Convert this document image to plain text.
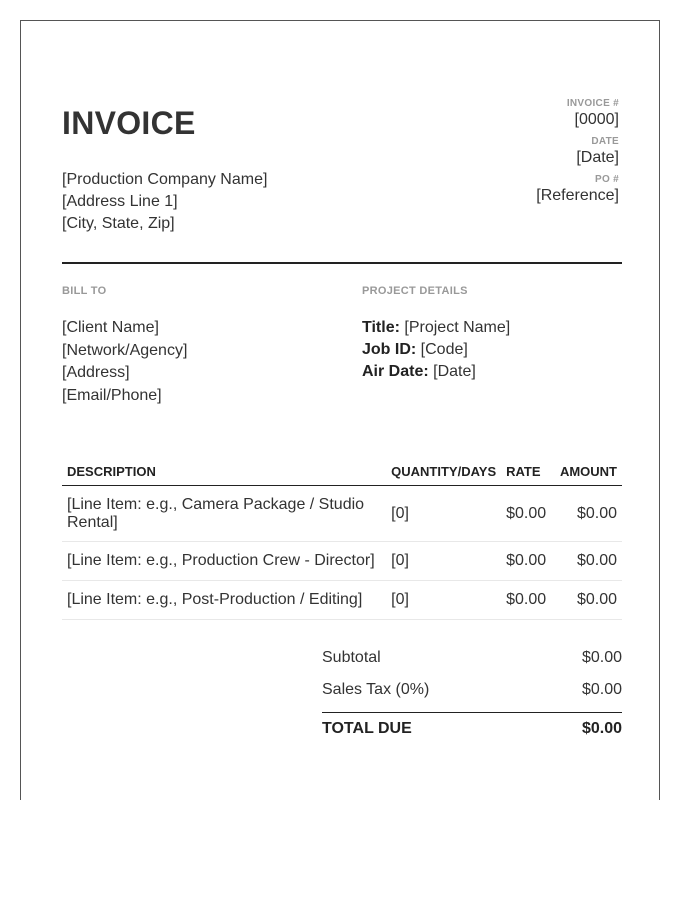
INVOICE
[Production Company Name]
[Address Line 1]
[City, State, Zip]
INVOICE #
[0000]
DATE
[Date]
PO #
[Reference]
BILL TO	PROJECT DETAILS
[Client Name]
[Network/Agency]
[Address]
[Email/Phone]
Title: [Project Name]
Job ID: [Code]
Air Date: [Date]
DESCRIPTION	QUANTITY/DAYS	RATE	AMOUNT
[Line Item: e.g., Camera Package / Studio Rental]	[0]	$0.00	$0.00
[Line Item: e.g., Production Crew - Director]	[0]	$0.00	$0.00
[Line Item: e.g., Post-Production / Editing]	[0]	$0.00	$0.00
Subtotal	$0.00
Sales Tax (0%)	$0.00
TOTAL DUE	$0.00
